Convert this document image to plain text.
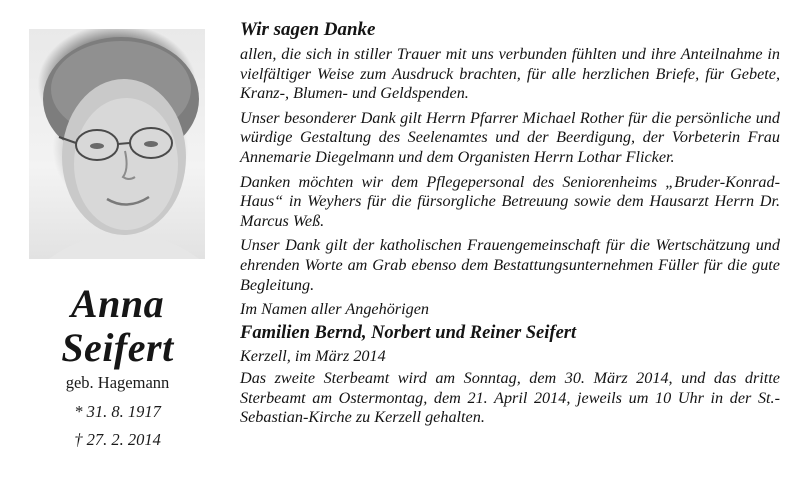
Anna
Seifert
geb. Hagemann
* 31. 8. 1917
† 27. 2. 2014
Wir sagen Danke

allen, die sich in stiller Trauer mit uns verbunden fühlten und ihre Anteilnahme in vielfältiger Weise zum Ausdruck brachten, für alle herzlichen Briefe, für Gebete, Kranz-, Blumen- und Geldspenden.

Unser besonderer Dank gilt Herrn Pfarrer Michael Rother für die persönliche und würdige Gestaltung des Seelenamtes und der Beerdigung, der Vorbeterin Frau Annemarie Diegelmann und dem Organisten Herrn Lothar Flicker.

Danken möchten wir dem Pflegepersonal des Seniorenheims „Bruder-Konrad-Haus“ in Weyhers für die fürsorgliche Betreuung sowie dem Hausarzt Herrn Dr. Marcus Weß.

Unser Dank gilt der katholischen Frauengemeinschaft für die Wertschätzung und ehrenden Worte am Grab ebenso dem Bestattungsunternehmen Füller für die gute Begleitung.

Im Namen aller Angehörigen
Familien Bernd, Norbert und Reiner Seifert
Kerzell, im März 2014

Das zweite Sterbeamt wird am Sonntag, dem 30. März 2014, und das dritte Sterbeamt am Ostermontag, dem 21. April 2014, jeweils um 10 Uhr in der St.-Sebastian-Kirche zu Kerzell gehalten.
